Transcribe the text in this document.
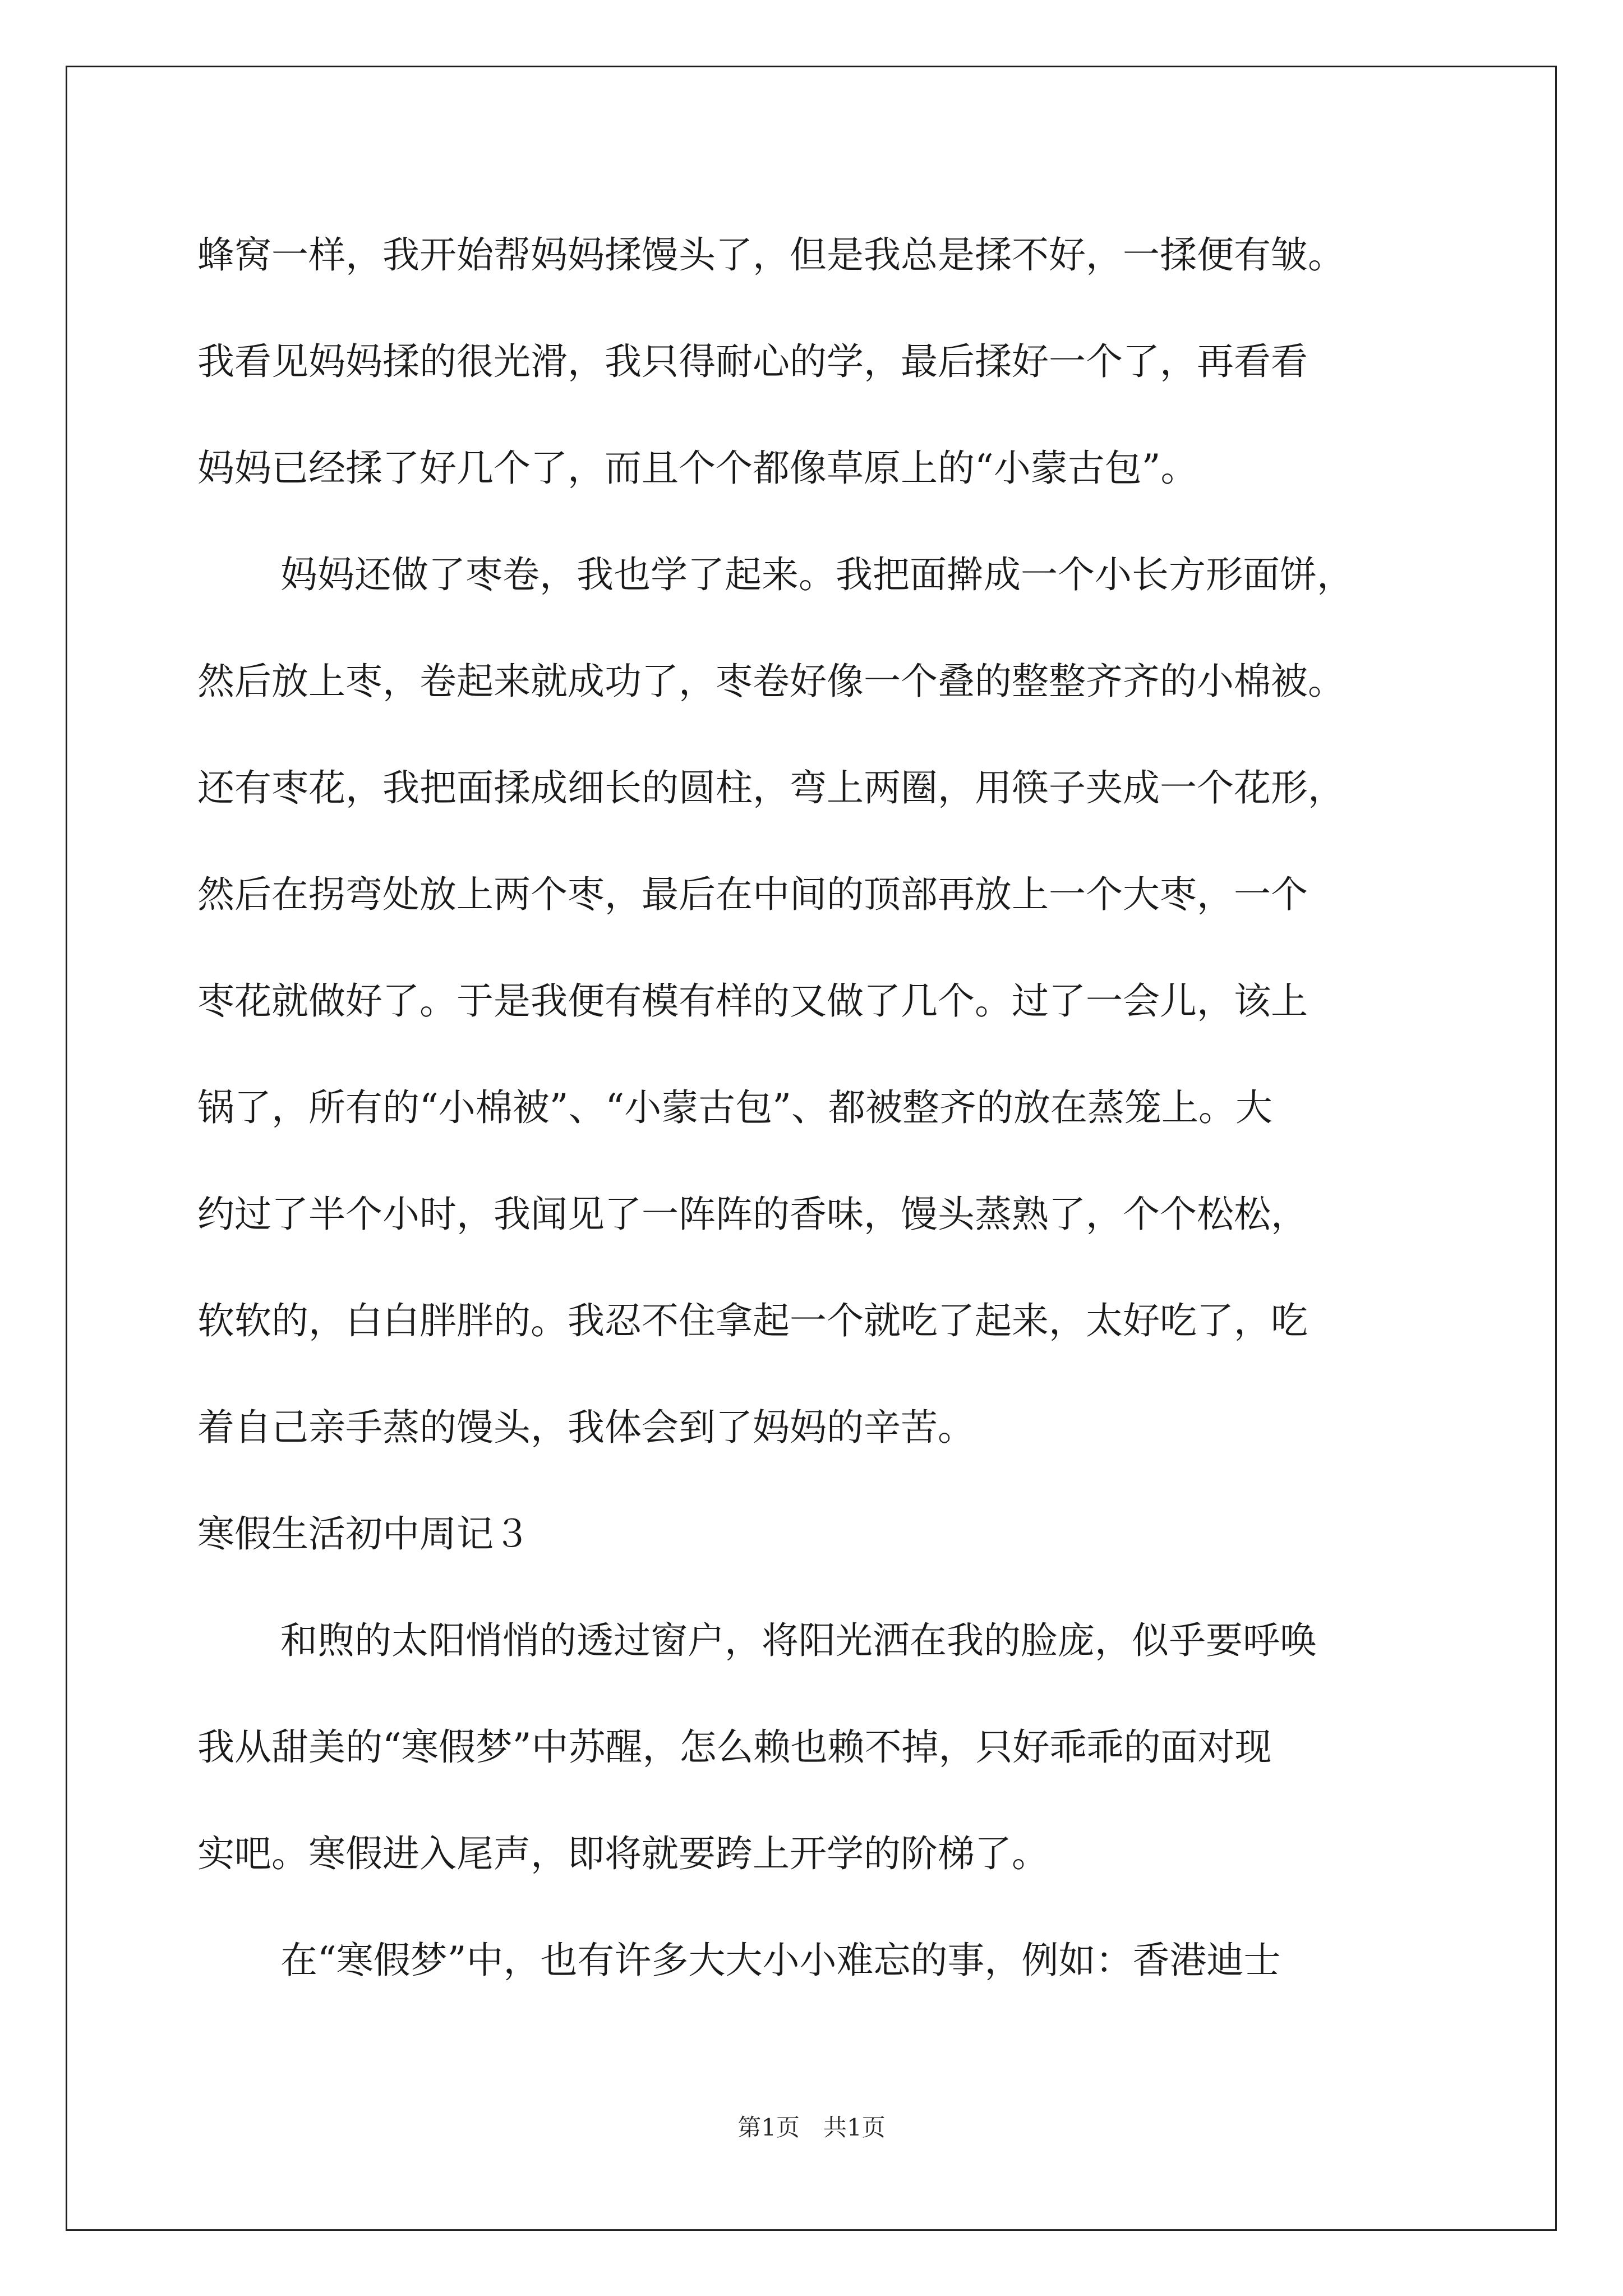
蜂窝一样，我开始帮妈妈揉馒头了，但是我总是揉不好，一揉便有皱。
我看见妈妈揉的很光滑，我只得耐心的学，最后揉好一个了，再看看
妈妈已经揉了好几个了，而且个个都像草原上的“小蒙古包”。
妈妈还做了枣卷，我也学了起来。我把面擀成一个小长方形面饼，
然后放上枣，卷起来就成功了，枣卷好像一个叠的整整齐齐的小棉被。
还有枣花，我把面揉成细长的圆柱，弯上两圈，用筷子夹成一个花形，
然后在拐弯处放上两个枣，最后在中间的顶部再放上一个大枣，一个
枣花就做好了。于是我便有模有样的又做了几个。过了一会儿，该上
锅了，所有的“小棉被”、“小蒙古包”、都被整齐的放在蒸笼上。大
约过了半个小时，我闻见了一阵阵的香味，馒头蒸熟了，个个松松，
软软的，白白胖胖的。我忍不住拿起一个就吃了起来，太好吃了，吃
着自己亲手蒸的馒头，我体会到了妈妈的辛苦。
寒假生活初中周记３
和煦的太阳悄悄的透过窗户，将阳光洒在我的脸庞，似乎要呼唤
我从甜美的“寒假梦”中苏醒，怎么赖也赖不掉，只好乖乖的面对现
实吧。寒假进入尾声，即将就要跨上开学的阶梯了。
在“寒假梦”中，也有许多大大小小难忘的事，例如：香港迪士
第1页　共1页
